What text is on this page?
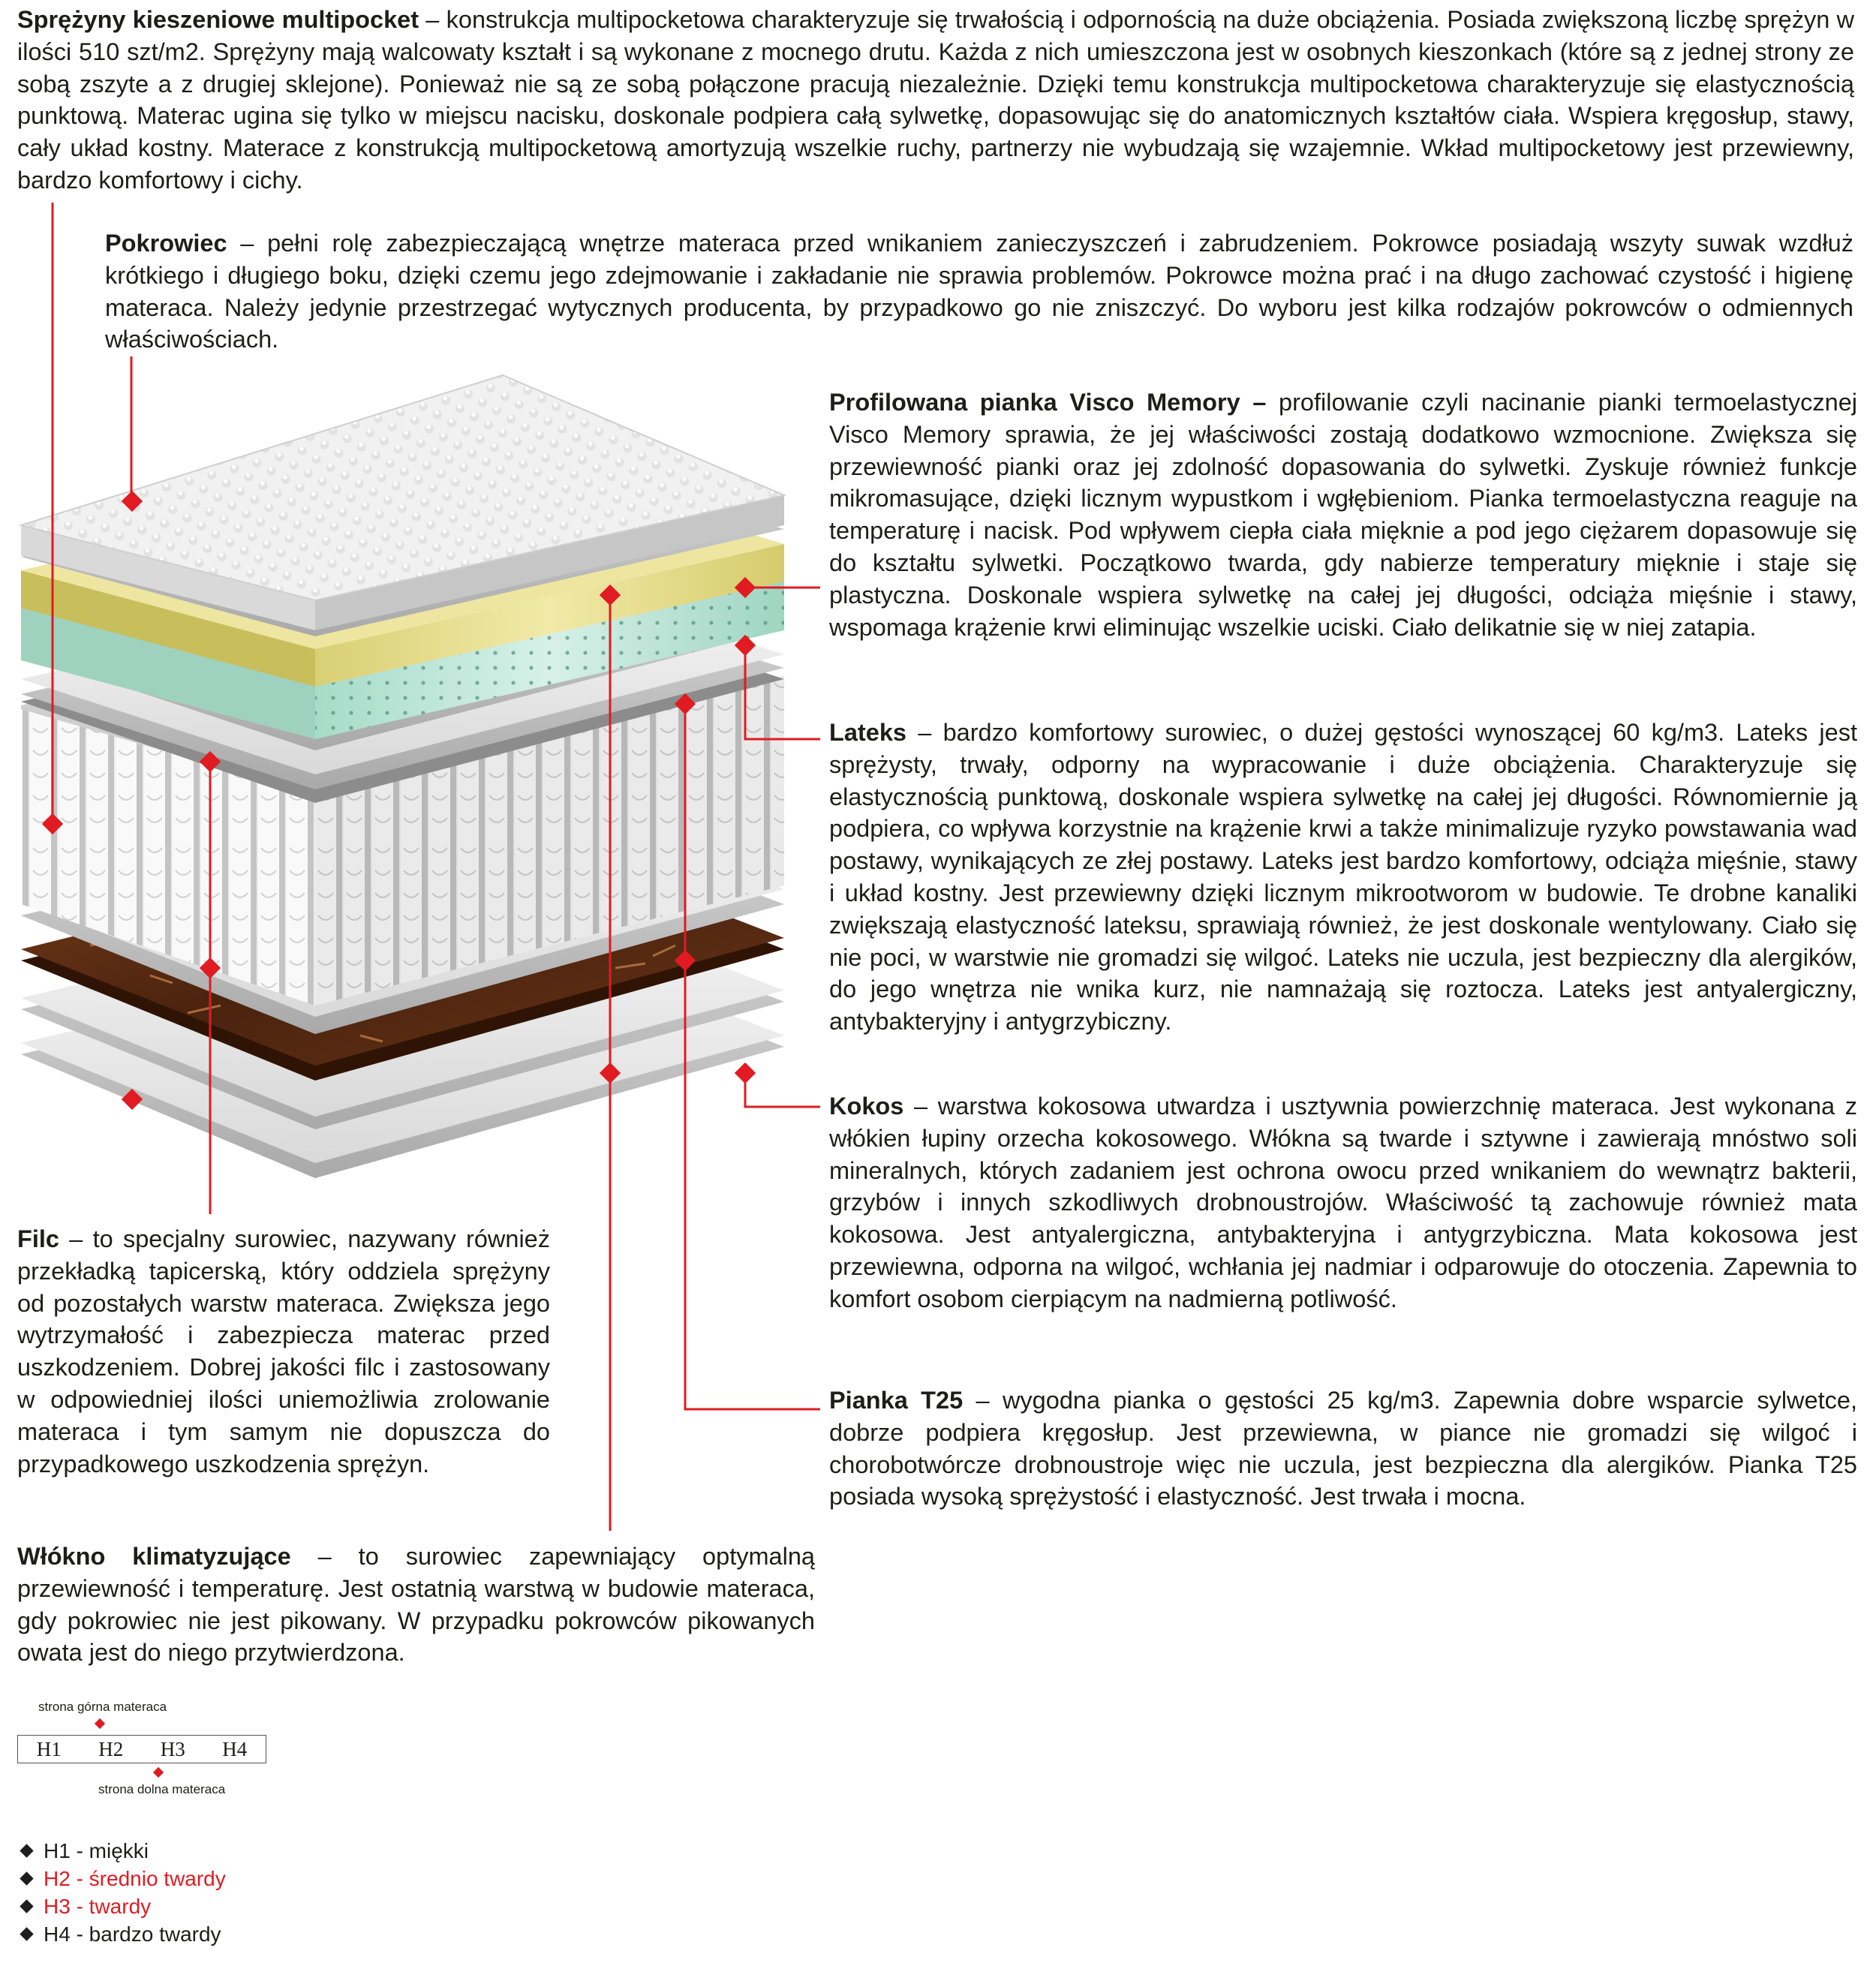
Sprężyny kieszeniowe multipocket – konstrukcja multipocketowa charakteryzuje się trwałością i odpornością na duże obciążenia. Posiada zwiększoną liczbę sprężyn w ilości 510 szt/m2. Sprężyny mają walcowaty kształt i są wykonane z mocnego drutu. Każda z nich umieszczona jest w osobnych kieszonkach (które są z jednej strony ze sobą zszyte a z drugiej sklejone). Ponieważ nie są ze sobą połączone pracują niezależnie. Dzięki temu konstrukcja multipocketowa charakteryzuje się elastycznością punktową. Materac ugina się tylko w miejscu nacisku, doskonale podpiera całą sylwetkę, dopasowując się do anatomicznych kształtów ciała. Wspiera kręgosłup, stawy, cały układ kostny. Materace z konstrukcją multipocketową amortyzują wszelkie ruchy, partnerzy nie wybudzają się wzajemnie. Wkład multipocketowy jest przewiewny, bardzo komfortowy i cichy.
Pokrowiec – pełni rolę zabezpieczającą wnętrze materaca przed wnikaniem zanieczyszczeń i zabrudzeniem. Pokrowce posiadają wszyty suwak wzdłuż krótkiego i długiego boku, dzięki czemu jego zdejmowanie i zakładanie nie sprawia problemów. Pokrowce można prać i na długo zachować czystość i higienę materaca. Należy jedynie przestrzegać wytycznych producenta, by przypadkowo go nie zniszczyć. Do wyboru jest kilka rodzajów pokrowców o odmiennych właściwościach.
Profilowana pianka Visco Memory – profilowanie czyli nacinanie pianki termoelastycznej Visco Memory sprawia, że jej właściwości zostają dodatkowo wzmocnione. Zwiększa się przewiewność pianki oraz jej zdolność dopasowania do sylwetki. Zyskuje również funkcje mikromasujące, dzięki licznym wypustkom i wgłębieniom. Pianka termoelastyczna reaguje na temperaturę i nacisk. Pod wpływem ciepła ciała mięknie a pod jego ciężarem dopasowuje się do kształtu sylwetki. Początkowo twarda, gdy nabierze temperatury mięknie i staje się plastyczna. Doskonale wspiera sylwetkę na całej jej długości, odciąża mięśnie i stawy, wspomaga krążenie krwi eliminując wszelkie uciski. Ciało delikatnie się w niej zatapia.
Lateks – bardzo komfortowy surowiec, o dużej gęstości wynoszącej 60 kg/m3. Lateks jest sprężysty, trwały, odporny na wypracowanie i duże obciążenia. Charakteryzuje się elastycznością punktową, doskonale wspiera sylwetkę na całej jej długości. Równomiernie ją podpiera, co wpływa korzystnie na krążenie krwi a także minimalizuje ryzyko powstawania wad postawy, wynikających ze złej postawy. Lateks jest bardzo komfortowy, odciąża mięśnie, stawy i układ kostny. Jest przewiewny dzięki licznym mikrootworom w budowie. Te drobne kanaliki zwiększają elastyczność lateksu, sprawiają również, że jest doskonale wentylowany. Ciało się nie poci, w warstwie nie gromadzi się wilgoć. Lateks nie uczula, jest bezpieczny dla alergików, do jego wnętrza nie wnika kurz, nie namnażają się roztocza. Lateks jest antyalergiczny, antybakteryjny i antygrzybiczny.
Kokos – warstwa kokosowa utwardza i usztywnia powierzchnię materaca. Jest wykonana z włókien łupiny orzecha kokosowego. Włókna są twarde i sztywne i zawierają mnóstwo soli mineralnych, których zadaniem jest ochrona owocu przed wnikaniem do wewnątrz bakterii, grzybów i innych szkodliwych drobnoustrojów. Właściwość tą zachowuje również mata kokosowa. Jest antyalergiczna, antybakteryjna i antygrzybiczna. Mata kokosowa jest przewiewna, odporna na wilgoć, wchłania jej nadmiar i odparowuje do otoczenia. Zapewnia to komfort osobom cierpiącym na nadmierną potliwość.
Pianka T25 – wygodna pianka o gęstości 25 kg/m3. Zapewnia dobre wsparcie sylwetce, dobrze podpiera kręgosłup. Jest przewiewna, w piance nie gromadzi się wilgoć i chorobotwórcze drobnoustroje więc nie uczula, jest bezpieczna dla alergików. Pianka T25 posiada wysoką sprężystość i elastyczność. Jest trwała i mocna.
Filc – to specjalny surowiec, nazywany również przekładką tapicerską, który oddziela sprężyny od pozostałych warstw materaca. Zwiększa jego wytrzymałość i zabezpiecza materac przed uszkodzeniem. Dobrej jakości filc i zastosowany w odpowiedniej ilości uniemożliwia zrolowanie materaca i tym samym nie dopuszcza do przypadkowego uszkodzenia sprężyn.
Włókno klimatyzujące – to surowiec zapewniający optymalną przewiewność i temperaturę. Jest ostatnią warstwą w budowie materaca, gdy pokrowiec nie jest pikowany. W przypadku pokrowców pikowanych owata jest do niego przytwierdzona.
strona górna materaca
H1	H2	H3	H4
strona dolna materaca
H1 - miękki
H2 - średnio twardy
H3 - twardy
H4 - bardzo twardy
